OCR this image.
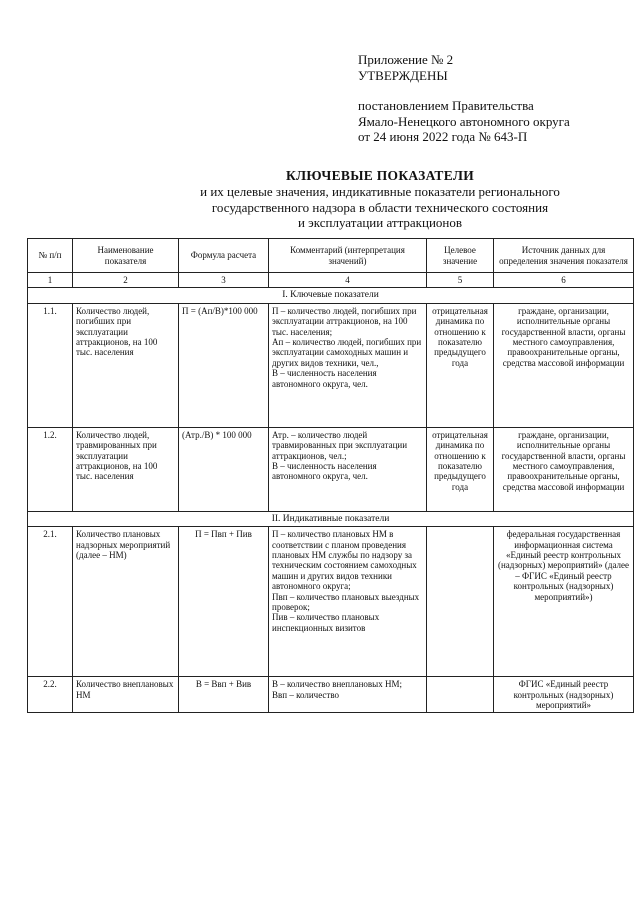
Приложение № 2
УТВЕРЖДЕНЫ
постановлением Правительства
Ямало-Ненецкого автономного округа
от 24 июня 2022 года № 643-П
КЛЮЧЕВЫЕ ПОКАЗАТЕЛИ
и их целевые значения, индикативные показатели регионального
государственного надзора в области технического состояния
и эксплуатации аттракционов
№ п/п	Наименование показателя	Формула расчета	Комментарий (интерпретация значений)	Целевое значение	Источник данных для определения значения показателя
1	2	3	4	5	6
I. Ключевые показатели					
1.1.	Количество людей, погибших при эксплуатации аттракционов, на 100 тыс. населения	П = (Ап/В)*100 000	П – количество людей, погибших при эксплуатации аттракционов, на 100 тыс. населения;
Ап – количество людей, погибших при эксплуатации самоходных машин и других видов техники, чел.,
В – численность населения автономного округа, чел.	отрицательная динамика по отношению к показателю предыдущего года	граждане, организации, исполнительные органы государственной власти, органы местного самоуправления, правоохранительные органы, средства массовой информации
1.2.	Количество людей, травмированных при эксплуатации аттракционов, на 100 тыс. населения	(Атр./В) * 100 000	Атр. – количество людей травмированных при эксплуатации аттракционов, чел.;
В – численность населения автономного округа, чел.	отрицательная динамика по отношению к показателю предыдущего года	граждане, организации, исполнительные органы государственной власти, органы местного самоуправления, правоохранительные органы, средства массовой информации
II. Индикативные показатели					
2.1.	Количество плановых надзорных мероприятий (далее – НМ)	П = Пвп + Пив	П – количество плановых НМ в соответствии с планом проведения плановых НМ службы по надзору за техническим состоянием самоходных машин и других видов техники автономного округа;
Пвп – количество плановых выездных проверок;
Пив – количество плановых инспекционных визитов		федеральная государственная информационная система «Единый реестр контрольных (надзорных) мероприятий» (далее – ФГИС «Единый реестр контрольных (надзорных) мероприятий»)
2.2.	Количество внеплановых НМ	В = Ввп + Вив	В – количество внеплановых НМ;
Ввп – количество		ФГИС «Единый реестр контрольных (надзорных) мероприятий»
